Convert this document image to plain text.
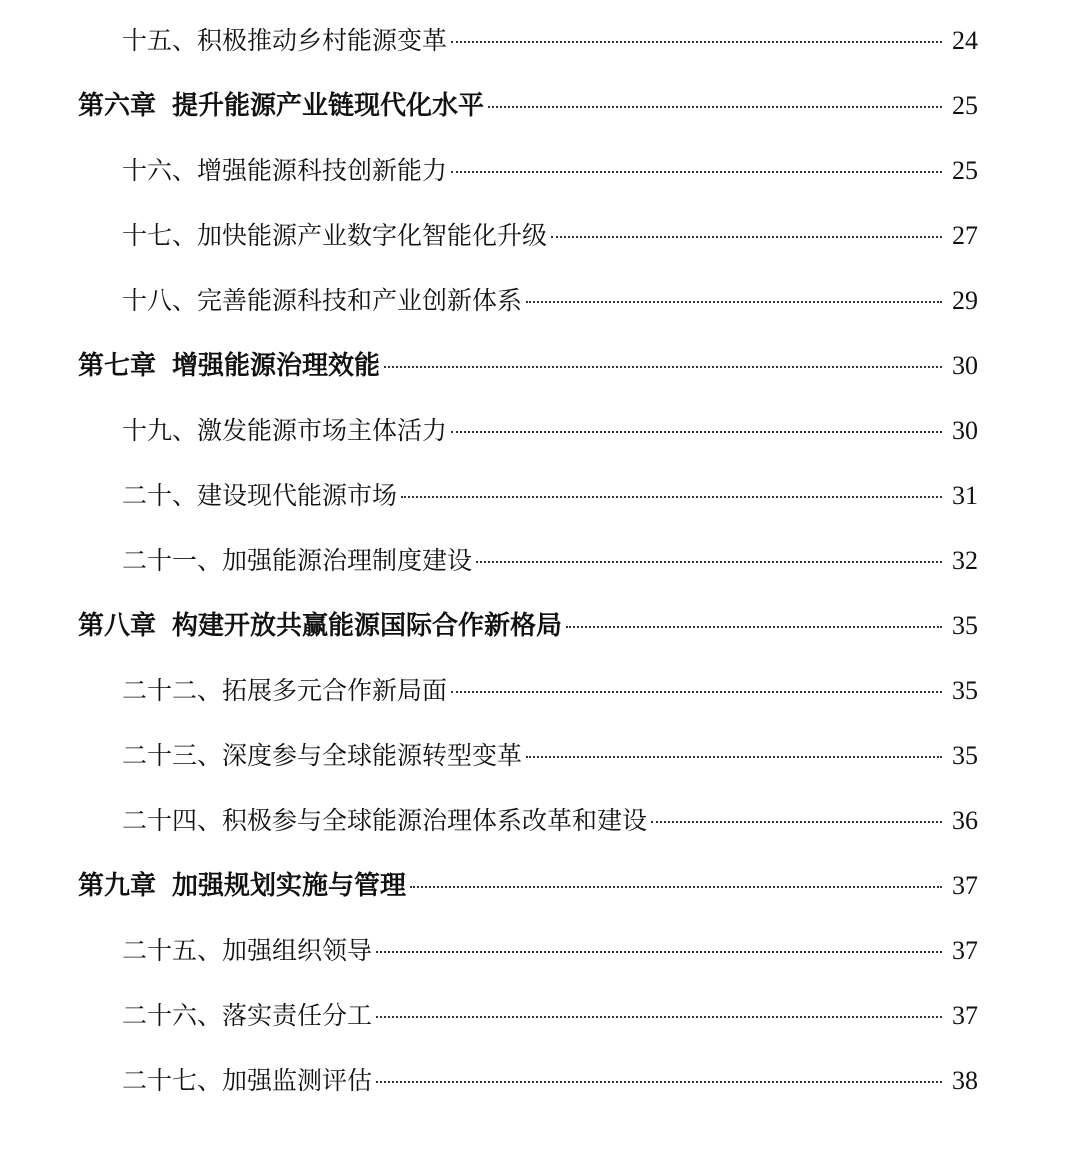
十五、积极推动乡村能源变革	24
第六章 提升能源产业链现代化水平	25
十六、增强能源科技创新能力	25
十七、加快能源产业数字化智能化升级	27
十八、完善能源科技和产业创新体系	29
第七章 增强能源治理效能	30
十九、激发能源市场主体活力	30
二十、建设现代能源市场	31
二十一、加强能源治理制度建设	32
第八章 构建开放共赢能源国际合作新格局	35
二十二、拓展多元合作新局面	35
二十三、深度参与全球能源转型变革	35
二十四、积极参与全球能源治理体系改革和建设	36
第九章 加强规划实施与管理	37
二十五、加强组织领导	37
二十六、落实责任分工	37
二十七、加强监测评估	38
